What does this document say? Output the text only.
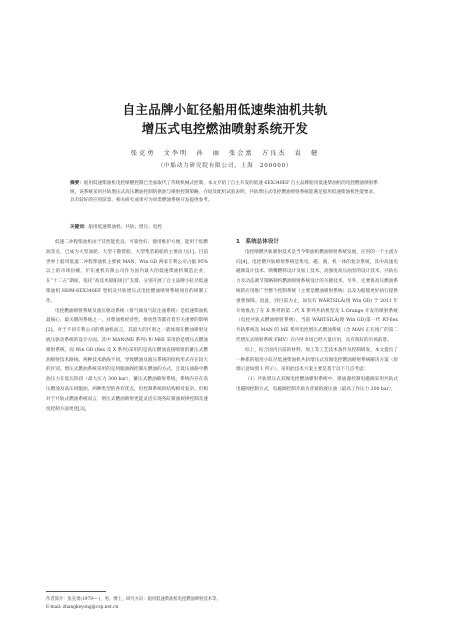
自主品牌小缸径船用低速柴油机共轨
增压式电控燃油喷射系统开发
张克勇　文李明　孙　丽　张会富　方良杰　袁　健
（中船动力研究院有限公司，上海　200000）
摘要：船用低速柴油机电控喷燃控制已全面取代了传统机械式控制。本文介绍了自主开发的低速 6EX340EF 自主品牌船用低速柴油机的电控燃油喷射系统，该系统采用共轨增压式高压燃油控制的供油与喷射控制策略。介绍及配机试验表明，共轨增压式电控燃油喷射系统能满足船用低速柴油机性能要求，具有较好的应用前景，相关研究成果可为同类燃油系统开发提供参考。
关键词：船用低速柴油机；共轨；增压；电控

低速二冲程柴油机由于其性能优良、可靠性好、使用维护方便，能用于低燃油等点，已成为大型油轮、大型干散货船、大型集装箱船的主要动力[1]。目前世界上船用低速二冲程柴油机主要被 MAN、Win GD 两家专利公司占据 95%以上的市场份额，沪东重机有限公司作为国内最大的低速柴油机制造企业，在“十二五”期间，依托“高技术船舶项目”支撑，分别开展了自主品牌小缸径低速柴油机 HHM-6EX340EF 型机及共轨增压式电控燃油喷射系统项目的研制工作。

电控燃油喷射系统及液压驱动系统（排气阀及气缸注油系统）是低速柴油机最核心、最关键的系统之一，对柴油机经济性、排放性等都有着至关重要的影响[2]。对于不同专利公司的柴油机而言，其最大的区别之一就体现在燃油喷射及液压驱动系统的设计方面。其中 MAN(ME 系列) 和 MHI 采用的是增压式燃油喷射系统，而 Win GD (flex 及 X 系列)采用的是高压燃油直接喷射的蓄压式燃油喷射技术路线。两种技术路线不同，导致燃油及液压系统的结构形式存在较大的区别。增压式燃油系统采用的是伺服油阀控制压燃油的方式，且低压油路中燃油压力在低压阶段（最大压力 300 bar），蓄压式燃油喷射系统，系统内存在高压燃油及高压伺服油，两种类型的各有优点，但控制系统的结构相对复杂。但相对于共轨式燃油系统而言，增压式燃油喷射更能灵活实现各缸喷油规律控制及速度控制方面更优[3]。

1　系统总体设计

电控喷燃共轨喷射技术是当今柴油机燃油喷射系统发展，应用的一个主流方向[4]。电控燃共轨喷射系统是集电、磁、液、机一体的复杂系统，其中高速电磁阀设计技术、喷嘴燃料设计及加工技术、高强度高压油泵的设计技术，共轨压力及动态调节策略制约燃油喷射系统设计的关键技术，另外，还要将高压燃油系统的应用推广至整个控制系统（主要是燃油喷射系统）以及为船舶更好执行提供重要保障。因此，到目前为止，如仅有 WÄRTSILÄ(现 Win GD) 于 2011 年开始推出了在 X 系列的第二代 X 系列共轨机型及 L Orange 开发的喷射系统（电控共轨式燃油喷射系统），当前 WÄRTSILÄ(现 Win GD)第一代 RT-flex 共轨系统及 MAN 的 ME 系列电控增压式燃油系统（含 MAN 正在推广的第二代增压式喷射系统 FBIV）在内外市场已经大量应用，具有很好的市场前景。

综上，结合国内目前的材料、加工等工艺技术条件及控制研发，本文提出了一种新的船用小缸径低速柴油机共轨增压式双阀电控燃油喷射系统解决方案（原理示意如图 1 所示），采用此技术方案主要是基于以下几点考虑：

（1）共轨增压式双阀电控燃油喷射系统中，喷油器控制电磁阀采用共轨式电磁阀控制方式，电磁阀控制介质为普通的液压油（最高工作压力 300 bar），

作者简介：张克勇(1979— )，男，博士，研究方向：船用低速柴油机电控燃油喷射技术等。
E-mail: zhangkeyong@csp.net.cn
